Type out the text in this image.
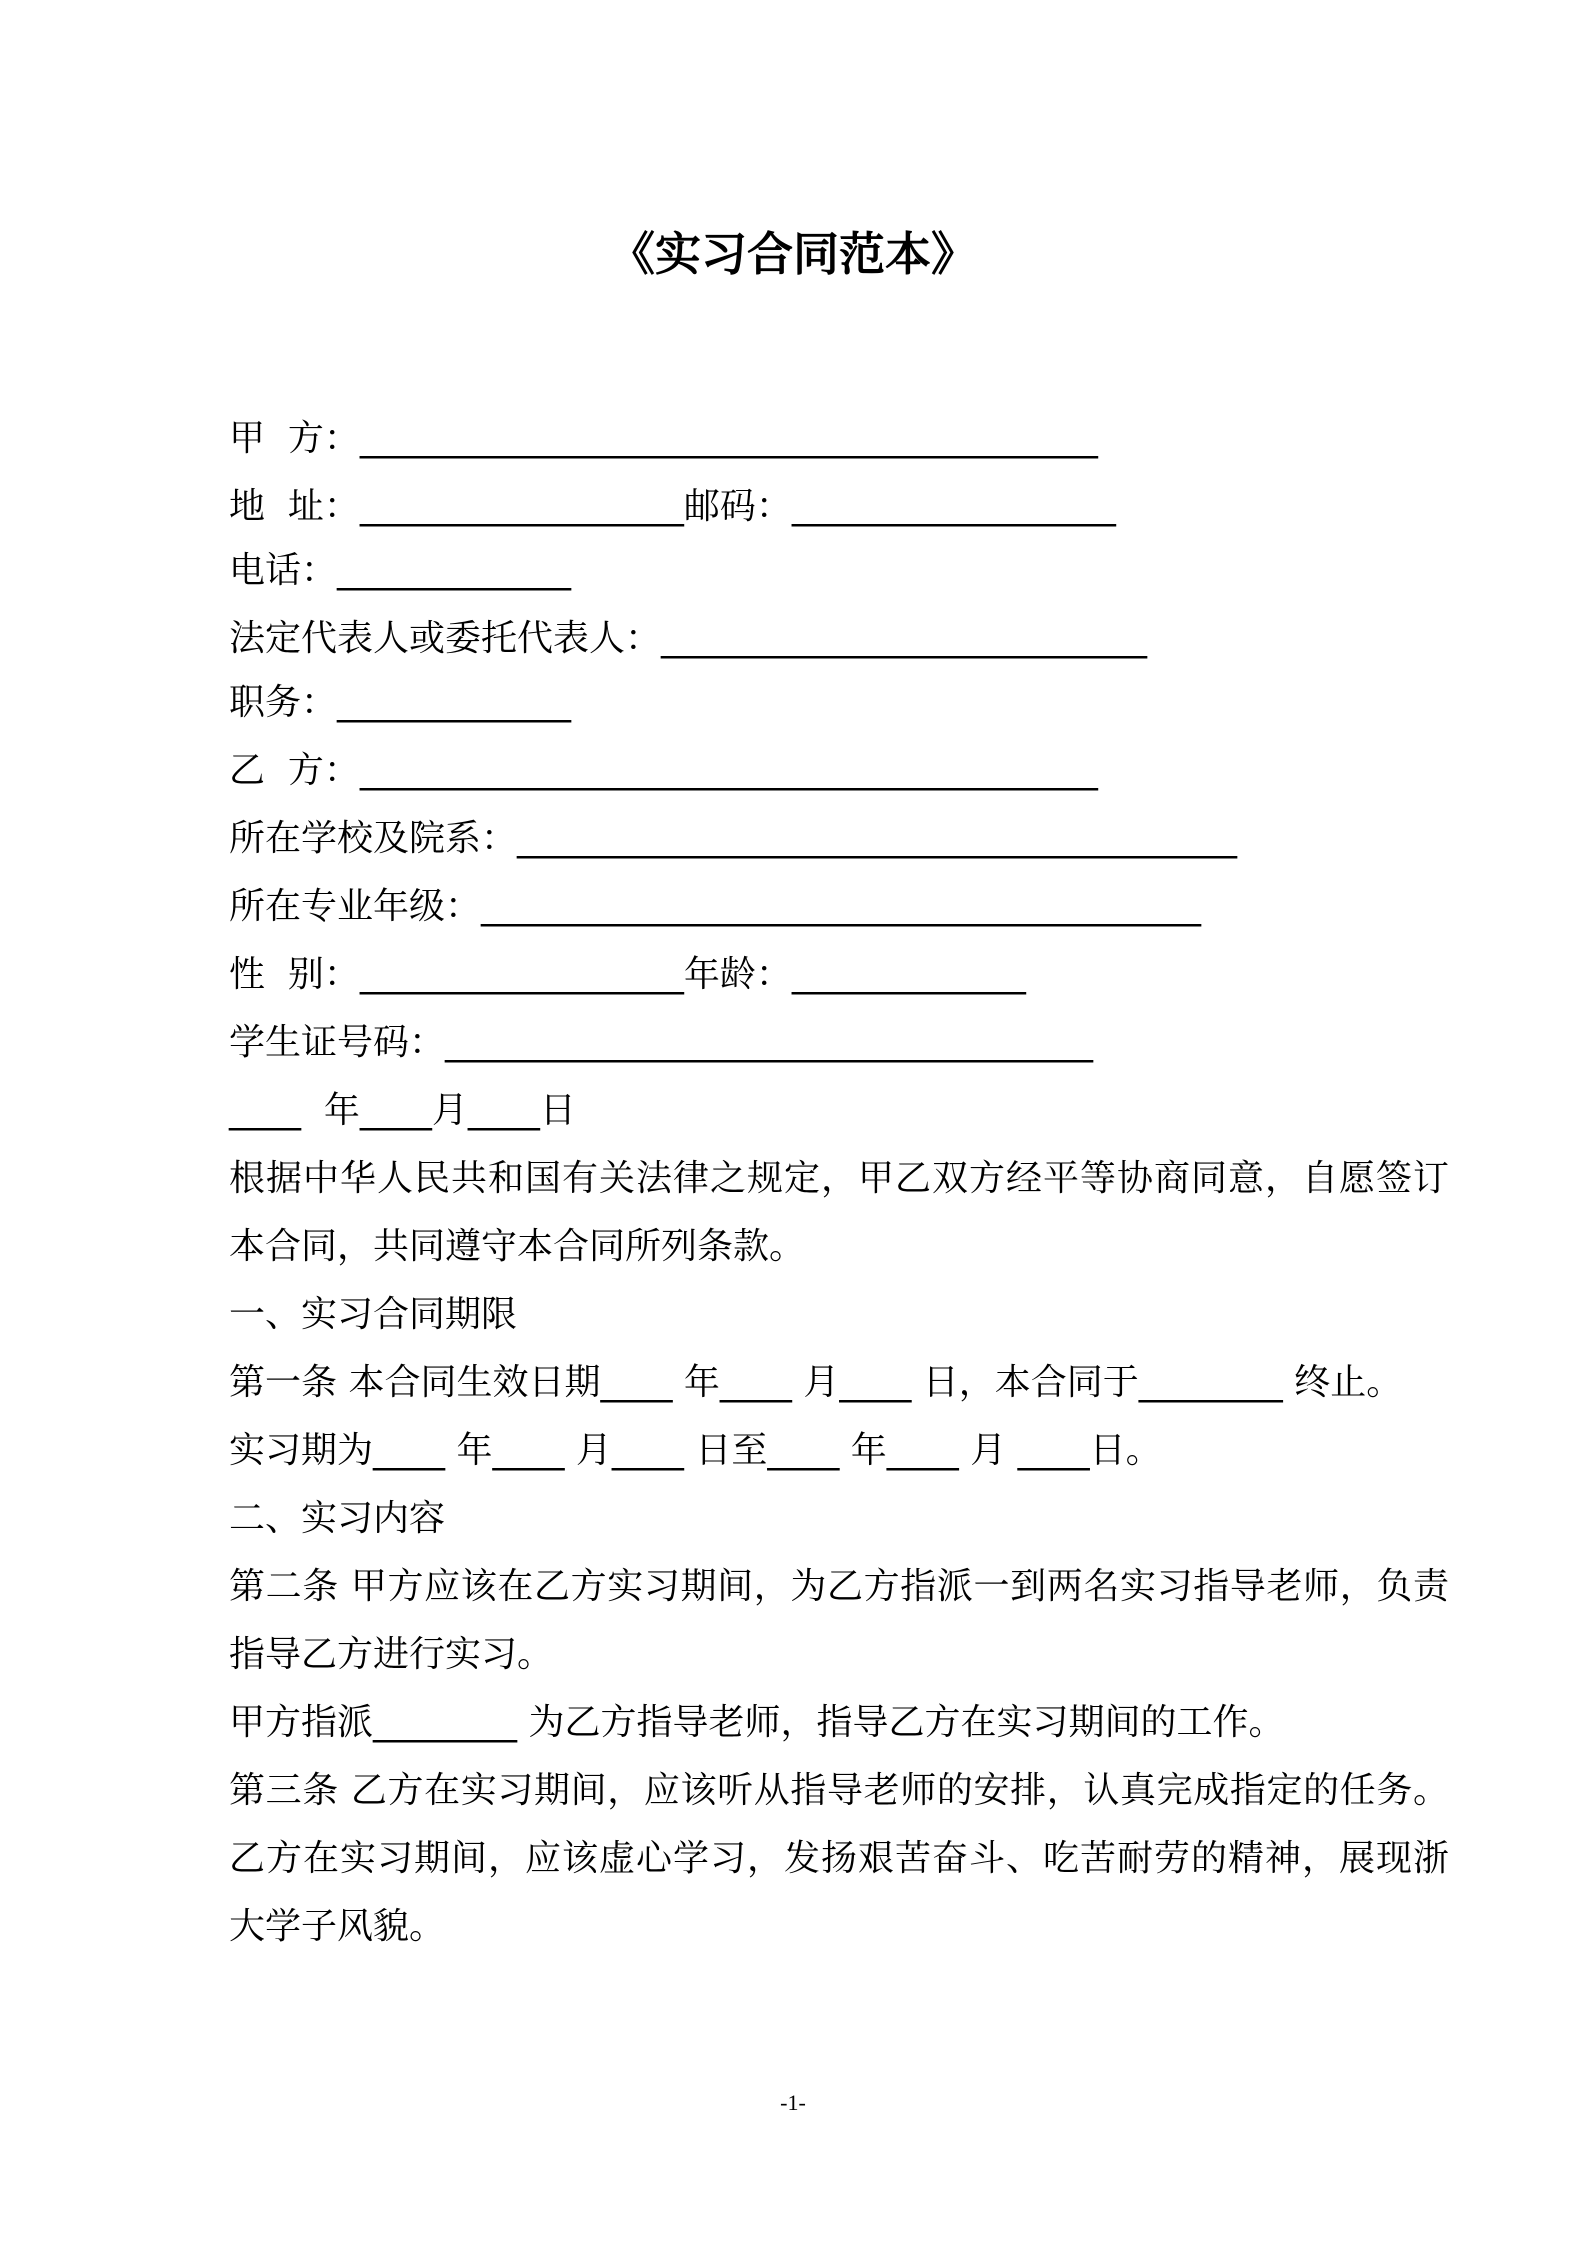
《实习合同范本》

甲  方：_________________________________________

地  址：__________________邮码：__________________

电话：_____________

法定代表人或委托代表人：___________________________

职务：_____________

乙  方：_________________________________________

所在学校及院系：________________________________________

所在专业年级：________________________________________

性  别：__________________年龄：_____________

学生证号码：____________________________________

____  年____月____日

根据中华人民共和国有关法律之规定，甲乙双方经平等协商同意，自愿签订本合同，共同遵守本合同所列条款。

一、实习合同期限

第一条 本合同生效日期____ 年____ 月____ 日，本合同于________ 终止。

实习期为____ 年____ 月____ 日至____ 年____ 月 ____日。

二、实习内容

第二条 甲方应该在乙方实习期间，为乙方指派一到两名实习指导老师，负责指导乙方进行实习。

甲方指派________ 为乙方指导老师，指导乙方在实习期间的工作。

第三条 乙方在实习期间，应该听从指导老师的安排，认真完成指定的任务。乙方在实习期间，应该虚心学习，发扬艰苦奋斗、吃苦耐劳的精神，展现浙大学子风貌。

-1-
